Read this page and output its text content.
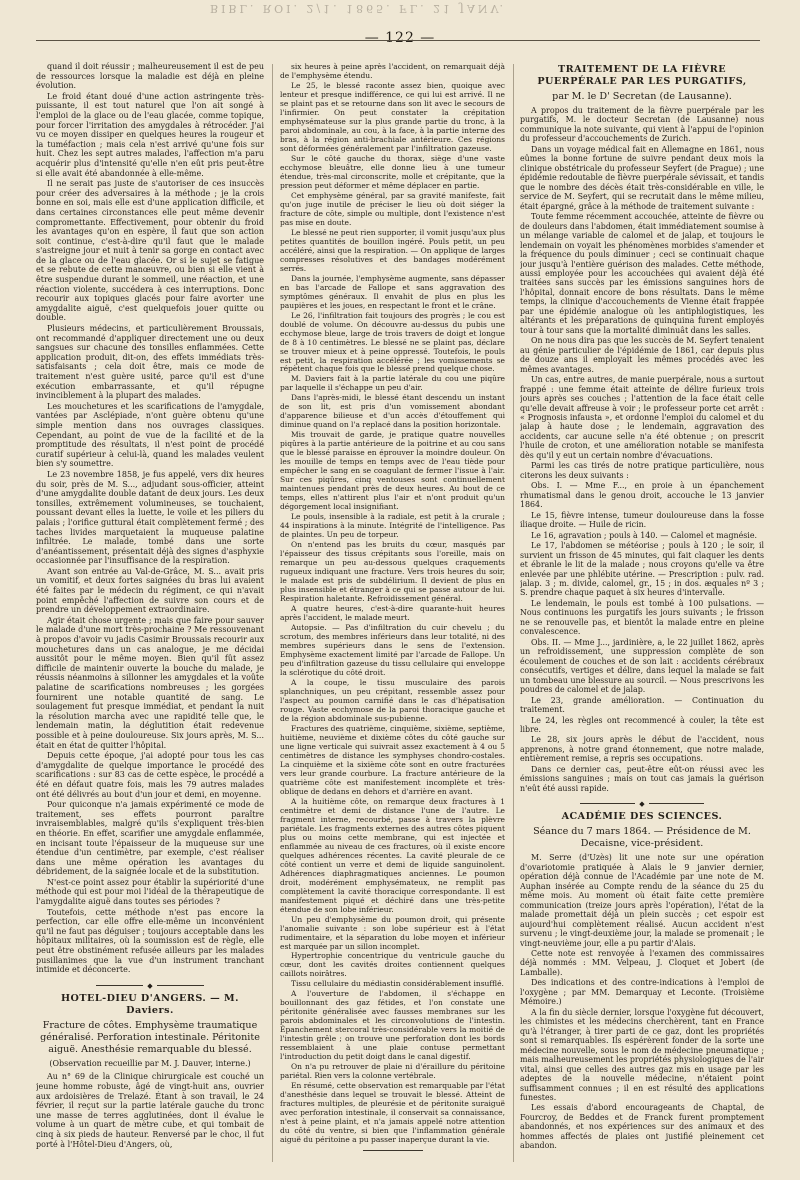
BIBL. ROI. 2/1. 1865. FL. 21 JANV.
— 122 —

quand il doit réussir ; malheureusement il est de peu de ressources lorsque la maladie est déjà en pleine évolution.

Le froid étant doué d'une action astringente très-puissante, il est tout naturel que l'on ait songé à l'emploi de la glace ou de l'eau glacée, comme topique, pour forcer l'irritation des amygdales à rétrocéder. J'ai vu ce moyen dissiper en quelques heures la rougeur et la tuméfaction ; mais cela n'est arrivé qu'une fois sur huit. Chez les sept autres malades, l'affection m'a paru acquérir plus d'intensité qu'elle n'en eût pris peut-être si elle avait été abandonnée à elle-même.

Il ne serait pas juste de s'autoriser de ces insuccès pour créer des adversaires à la méthode ; je la crois bonne en soi, mais elle est d'une application difficile, et dans certaines circonstances elle peut même devenir compromettante. Effectivement, pour obtenir du froid les avantages qu'on en espère, il faut que son action soit continue, c'est-à-dire qu'il faut que le malade s'astreigne jour et nuit à tenir sa gorge en contact avec de la glace ou de l'eau glacée. Or si le sujet se fatigue et se rebute de cette manœuvre, ou bien si elle vient à être suspendue durant le sommeil, une réaction, et une réaction violente, succédera à ces interruptions. Donc recourir aux topiques glacés pour faire avorter une amygdalite aiguë, c'est quelquefois jouer quitte ou double.

Plusieurs médecins, et particulièrement Broussais, ont recommandé d'appliquer directement une ou deux sangsues sur chacune des tonsilles enflammées. Cette application produit, dit-on, des effets immédiats très-satisfaisants ; cela doit être, mais ce mode de traitement n'est guère usité, parce qu'il est d'une exécution embarrassante, et qu'il répugne invinciblement à la plupart des malades.

Les mouchetures et les scarifications de l'amygdale, vantées par Asclépiade, n'ont guère obtenu qu'une simple mention dans nos ouvrages classiques. Cependant, au point de vue de la facilité et de la promptitude des résultats, il n'est point de procédé curatif supérieur à celui-là, quand les malades veulent bien s'y soumettre.

Le 23 novembre 1858, je fus appelé, vers dix heures du soir, près de M. S..., adjudant sous-officier, atteint d'une amygdalite double datant de deux jours. Les deux tonsilles, extrêmement volumineuses, se touchaient, poussant devant elles la luette, le voile et les piliers du palais ; l'orifice guttural était complètement fermé ; des taches livides marquetaient la muqueuse palatine infiltrée. Le malade, tombé dans une sorte d'anéantissement, présentait déjà des signes d'asphyxie occasionnée par l'insuffisance de la respiration.

Avant son entrée au Val-de-Grâce, M. S... avait pris un vomitif, et deux fortes saignées du bras lui avaient été faites par le médecin du régiment, ce qui n'avait point empêché l'affection de suivre son cours et de prendre un développement extraordinaire.

Agir était chose urgente ; mais que faire pour sauver le malade d'une mort très-prochaine ? Me ressouvenant à propos d'avoir vu jadis Casimir Broussais recourir aux mouchetures dans un cas analogue, je me décidai aussitôt pour le même moyen. Bien qu'il fût assez difficile de maintenir ouverte la bouche du malade, je réussis néanmoins à sillonner les amygdales et la voûte palatine de scarifications nombreuses ; les gorgées fournirent une notable quantité de sang. Le soulagement fut presque immédiat, et pendant la nuit la résolution marcha avec une rapidité telle que, le lendemain matin, la déglutition était redevenue possible et à peine douloureuse. Six jours après, M. S... était en état de quitter l'hôpital.

Depuis cette époque, j'ai adopté pour tous les cas d'amygdalite de quelque importance le procédé des scarifications : sur 83 cas de cette espèce, le procédé a été en défaut quatre fois, mais les 79 autres malades ont été délivrés au bout d'un jour et demi, en moyenne.

Pour quiconque n'a jamais expérimenté ce mode de traitement, ses effets pourront paraître invraisemblables, malgré qu'ils s'expliquent très-bien en théorie. En effet, scarifier une amygdale enflammée, en incisant toute l'épaisseur de la muqueuse sur une étendue d'un centimètre, par exemple, c'est réaliser dans une même opération les avantages du débridement, de la saignée locale et de la substitution.

N'est-ce point assez pour établir la supériorité d'une méthode qui est pour moi l'idéal de la thérapeutique de l'amygdalite aiguë dans toutes ses périodes ?

Toutefois, cette méthode n'est pas encore la perfection, car elle offre elle-même un inconvénient qu'il ne faut pas déguiser ; toujours acceptable dans les hôpitaux militaires, où la soumission est de règle, elle peut être obstinément refusée ailleurs par les malades pusillanimes que la vue d'un instrument tranchant intimide et déconcerte.

◆
HOTEL-DIEU D'ANGERS. — M. Daviers.
Fracture de côtes. Emphysème traumatique généralisé. Perforation intestinale. Péritonite aiguë. Anesthésie remarquable du blessé.
(Observation recueillie par M. J. Dauver, interne.)

Au n° 69 de la Clinique chirurgicale est couché un jeune homme robuste, âgé de vingt-huit ans, ouvrier aux ardoisières de Trelazé. Étant à son travail, le 24 février, il reçut sur la partie latérale gauche du tronc une masse de terres agglutinées, dont il évalue le volume à un quart de mètre cube, et qui tombait de cinq à six pieds de hauteur. Renversé par le choc, il fut porté à l'Hôtel-Dieu d'Angers, où,

six heures à peine après l'accident, on remarquait déjà de l'emphysème étendu.

Le 25, le blessé raconte assez bien, quoique avec lenteur et presque indifférence, ce qui lui est arrivé. Il ne se plaint pas et se retourne dans son lit avec le secours de l'infirmier. On peut constater la crépitation emphysémateuse sur la plus grande partie du tronc, à la paroi abdominale, au cou, à la face, à la partie interne des bras, à la région anti-brachiale antérieure. Ces régions sont déformées généralement par l'infiltration gazeuse.

Sur le côté gauche du thorax, siège d'une vaste ecchymose bleuâtre, elle donne lieu à une tumeur étendue, très-mal circonscrite, molle et crépitante, que la pression peut déformer et même déplacer en partie.

Cet emphysème général, par sa gravité manifeste, fait qu'on juge inutile de préciser le lieu où doit siéger la fracture de côte, simple ou multiple, dont l'existence n'est pas mise en doute.

Le blessé ne peut rien supporter, il vomit jusqu'aux plus petites quantités de bouillon ingéré. Pouls petit, un peu accéléré, ainsi que la respiration. — On applique de larges compresses résolutives et des bandages modérément serrés.

Dans la journée, l'emphysème augmente, sans dépasser en bas l'arcade de Fallope et sans aggravation des symptômes généraux. Il envahit de plus en plus les paupières et les joues, en respectant le front et le crâne.

Le 26, l'infiltration fait toujours des progrès ; le cou est doublé de volume. On découvre au-dessus du pubis une ecchymose bleue, large de trois travers de doigt et longue de 8 à 10 centimètres. Le blessé ne se plaint pas, déclare se trouver mieux et à peine oppressé. Toutefois, le pouls est petit, la respiration accélérée ; les vomissements se répètent chaque fois que le blessé prend quelque chose.

M. Daviers fait à la partie latérale du cou une piqûre par laquelle il s'échappe un peu d'air.

Dans l'après-midi, le blessé étant descendu un instant de son lit, est pris d'un vomissement abondant d'apparence bilieuse et d'un accès d'étouffement qui diminue quand on l'a replacé dans la position horizontale.

Mis trouvait de garde, je pratique quatre nouvelles piqûres à la partie antérieure de la poitrine et au cou sans que le blessé paraisse en éprouver la moindre douleur. On les mouille de temps en temps avec de l'eau tiède pour empêcher le sang en se coagulant de fermer l'issue à l'air. Sur ces piqûres, cinq ventouses sont continuellement maintenues pendant près de deux heures. Au bout de ce temps, elles n'attirent plus l'air et n'ont produit qu'un dégorgement local insignifiant.

Le pouls, insensible à la radiale, est petit à la crurale ; 44 inspirations à la minute. Intégrité de l'intelligence. Pas de plaintes. Un peu de torpeur.

On n'entend pas les bruits du cœur, masqués par l'épaisseur des tissus crépitants sous l'oreille, mais on remarque un peu au-dessous quelques craquements rugueux indiquant une fracture. Vers trois heures du soir, le malade est pris de subdélirium. Il devient de plus en plus insensible et étranger à ce qui se passe autour de lui. Respiration haletante. Refroidissement général.

A quatre heures, c'est-à-dire quarante-huit heures après l'accident, le malade meurt.

Autopsie. — Pas d'infiltration du cuir chevelu ; du scrotum, des membres inférieurs dans leur totalité, ni des membres supérieurs dans le sens de l'extension. Emphysème exactement limité par l'arcade de Fallope. Un peu d'infiltration gazeuse du tissu cellulaire qui enveloppe la sclérotique du côté droit.

A la coupe, le tissu musculaire des parois splanchniques, un peu crépitant, ressemble assez pour l'aspect au poumon carnifié dans le cas d'hépatisation rouge. Vaste ecchymose de la paroi thoracique gauche et de la région abdominale sus-pubienne.

Fractures des quatrième, cinquième, sixième, septième, huitième, neuvième et dixième côtes du côté gauche sur une ligne verticale qui suivrait assez exactement à 4 ou 5 centimètres de distance les symphyses chondro-costales. La cinquième et la sixième côte sont en outre fracturées vers leur grande courbure. La fracture antérieure de la quatrième côte est manifestement incomplète et très-oblique de dedans en dehors et d'arrière en avant.

A la huitième côte, on remarque deux fractures à 1 centimètre et demi de distance l'une de l'autre. Le fragment interne, recourbé, passe à travers la plèvre pariétale. Les fragments externes des autres côtes piquent plus ou moins cette membrane, qui est injectée et enflammée au niveau de ces fractures, où il existe encore quelques adhérences récentes. La cavité pleurale de ce côté contient un verre et demi de liquide sanguinolent. Adhérences diaphragmatiques anciennes. Le poumon droit, modérément emphysémateux, ne remplit pas complètement la cavité thoracique correspondante. Il est manifestement piqué et déchiré dans une très-petite étendue de son lobe inférieur.

Un peu d'emphysème du poumon droit, qui présente l'anomalie suivante : son lobe supérieur est à l'état rudimentaire, et la séparation du lobe moyen et inférieur est marquée par un sillon incomplet.

Hypertrophie concentrique du ventricule gauche du cœur, dont les cavités droites contiennent quelques caillots noirâtres.

Tissu cellulaire du médiastin considérablement insufflé.

A l'ouverture de l'abdomen, il s'échappe en bouillonnant des gaz fétides, et l'on constate une péritonite généralisée avec fausses membranes sur les parois abdominales et les circonvolutions de l'intestin. Épanchement stercoral très-considérable vers la moitié de l'intestin grêle ; on trouve une perforation dont les bords ressemblaient à une plaie contuse permettant l'introduction du petit doigt dans le canal digestif.

On n'a pu retrouver de plaie ni d'éraillure du péritoine pariétal. Rien vers la colonne vertébrale.

En résumé, cette observation est remarquable par l'état d'anesthésie dans lequel se trouvait le blessé. Atteint de fractures multiples, de pleurésie et de péritonite suraiguë avec perforation intestinale, il conservait sa connaissance, n'est à peine plaint, et n'a jamais appelé notre attention du côté du ventre, si bien que l'inflammation générale aiguë du péritoine a pu passer inaperçue durant la vie.

TRAITEMENT DE LA FIÈVRE PUERPÉRALE PAR LES PURGATIFS,
par M. le D' Secretan (de Lausanne).

A propos du traitement de la fièvre puerpérale par les purgatifs, M. le docteur Secretan (de Lausanne) nous communique la note suivante, qui vient à l'appui de l'opinion du professeur d'accouchements de Zurich.

Dans un voyage médical fait en Allemagne en 1861, nous eûmes la bonne fortune de suivre pendant deux mois la clinique obstétricale du professeur Seyfert (de Prague) ; une épidémie redoutable de fièvre puerpérale sévissait, et tandis que le nombre des décès était très-considérable en ville, le service de M. Seyfert, qui se recrutait dans le même milieu, était épargné, grâce à la méthode de traitement suivante :

Toute femme récemment accouchée, atteinte de fièvre ou de douleurs dans l'abdomen, était immédiatement soumise à un mélange variable de calomel et de jalap, et toujours le lendemain on voyait les phénomènes morbides s'amender et la fréquence du pouls diminuer ; ceci se continuait chaque jour jusqu'à l'entière guérison des malades. Cette méthode, aussi employée pour les accouchées qui avaient déjà été traitées sans succès par les émissions sanguines hors de l'hôpital, donnait encore de bons résultats. Dans le même temps, la clinique d'accouchements de Vienne était frappée par une épidémie analogue où les antiphlogistiques, les altérants et les préparations de quinquina furent employés tour à tour sans que la mortalité diminuât dans les salles.

On ne nous dira pas que les succès de M. Seyfert tenaient au génie particulier de l'épidémie de 1861, car depuis plus de douze ans il employait les mêmes procédés avec les mêmes avantages.

Un cas, entre autres, de manie puerpérale, nous a surtout frappé : une femme était atteinte de délire furieux trois jours après ses couches ; l'attention de la face était celle qu'elle devait affreuse à voir ; le professeur porte cet arrêt : « Prognosis infausta », et ordonne l'emploi du calomel et du jalap à haute dose ; le lendemain, aggravation des accidents, car aucune selle n'a été obtenue ; on prescrit l'huile de croton, et une amélioration notable se manifesta dès qu'il y eut un certain nombre d'évacuations.

Parmi les cas tirés de notre pratique particulière, nous citerons les deux suivants :

Obs. I. — Mme F..., en proie à un épanchement rhumatismal dans le genou droit, accouche le 13 janvier 1864.

Le 15, fièvre intense, tumeur douloureuse dans la fosse iliaque droite. — Huile de ricin.

Le 16, agravation ; pouls à 140. — Calomel et magnésie.

Le 17, l'abdomen se météorise ; pouls à 120 ; le soir, il survient un frisson de 45 minutes, qui fait claquer les dents et ébranle le lit de la malade ; nous croyons qu'elle va être enlevée par une phlébite utérine. — Prescription : pulv. rad. jalap. 3 ; m. divide, calomel, gr., 15 ; in dos. æquales nº 3 ; S. prendre chaque paquet à six heures d'intervalle.

Le lendemain, le pouls est tombé à 100 pulsations. — Nous continuons les purgatifs les jours suivants ; le frisson ne se renouvelle pas, et bientôt la malade entre en pleine convalescence.

Obs. II. — Mme J..., jardinière, a, le 22 juillet 1862, après un refroidissement, une suppression complète de son écoulement de couches et de son lait : accidents cérébraux consécutifs, vertiges et délire, dans lequel la malade se fait un tombeau une blessure au sourcil. — Nous prescrivons les poudres de calomel et de jalap.

Le 23, grande amélioration. — Continuation du traitement.

Le 24, les règles ont recommencé à couler, la tête est libre.

Le 28, six jours après le début de l'accident, nous apprenons, à notre grand étonnement, que notre malade, entièrement remise, a repris ses occupations.

Dans ce dernier cas, peut-être eût-on réussi avec les émissions sanguines ; mais on tout cas jamais la guérison n'eût été aussi rapide.

◆
ACADÉMIE DES SCIENCES.
Séance du 7 mars 1864. — Présidence de M. Decaisne, vice-président.

M. Serre (d'Uzès) lit une note sur une opération d'ovariotomie pratiquée à Alais le 9 janvier dernier, opération déjà connue de l'Académie par une note de M. Auphan insérée au Compte rendu de la séance du 25 du même mois. Au moment où était faite cette première communication (treize jours après l'opération), l'état de la malade promettait déjà un plein succès ; cet espoir est aujourd'hui complètement réalisé. Aucun accident n'est survenu ; le vingt-deuxième jour, la malade se promenait ; le vingt-neuvième jour, elle a pu partir d'Alais.

Cette note est renvoyée à l'examen des commissaires déjà nommés : MM. Velpeau, J. Cloquet et Jobert (de Lamballe).

Des indications et des contre-indications à l'emploi de l'oxygène ; par MM. Demarquay et Leconte. (Troisième Mémoire.)

A la fin du siècle dernier, lorsque l'oxygène fut découvert, les chimistes et les médecins cherchèrent, tant en France qu'à l'étranger, à tirer parti de ce gaz, dont les propriétés sont si remarquables. Ils espérèrent fonder de la sorte une médecine nouvelle, sous le nom de médecine pneumatique ; mais malheureusement les propriétés physiologiques de l'air vital, ainsi que celles des autres gaz mis en usage par les adeptes de la nouvelle médecine, n'étaient point suffisamment connues ; il en est résulté des applications funestes.

Les essais d'abord encourageants de Chaptal, de Fourcroy, de Beddes et de Franck furent promptement abandonnés, et nos expériences sur des animaux et des hommes affectés de plaies ont justifié pleinement cet abandon.
